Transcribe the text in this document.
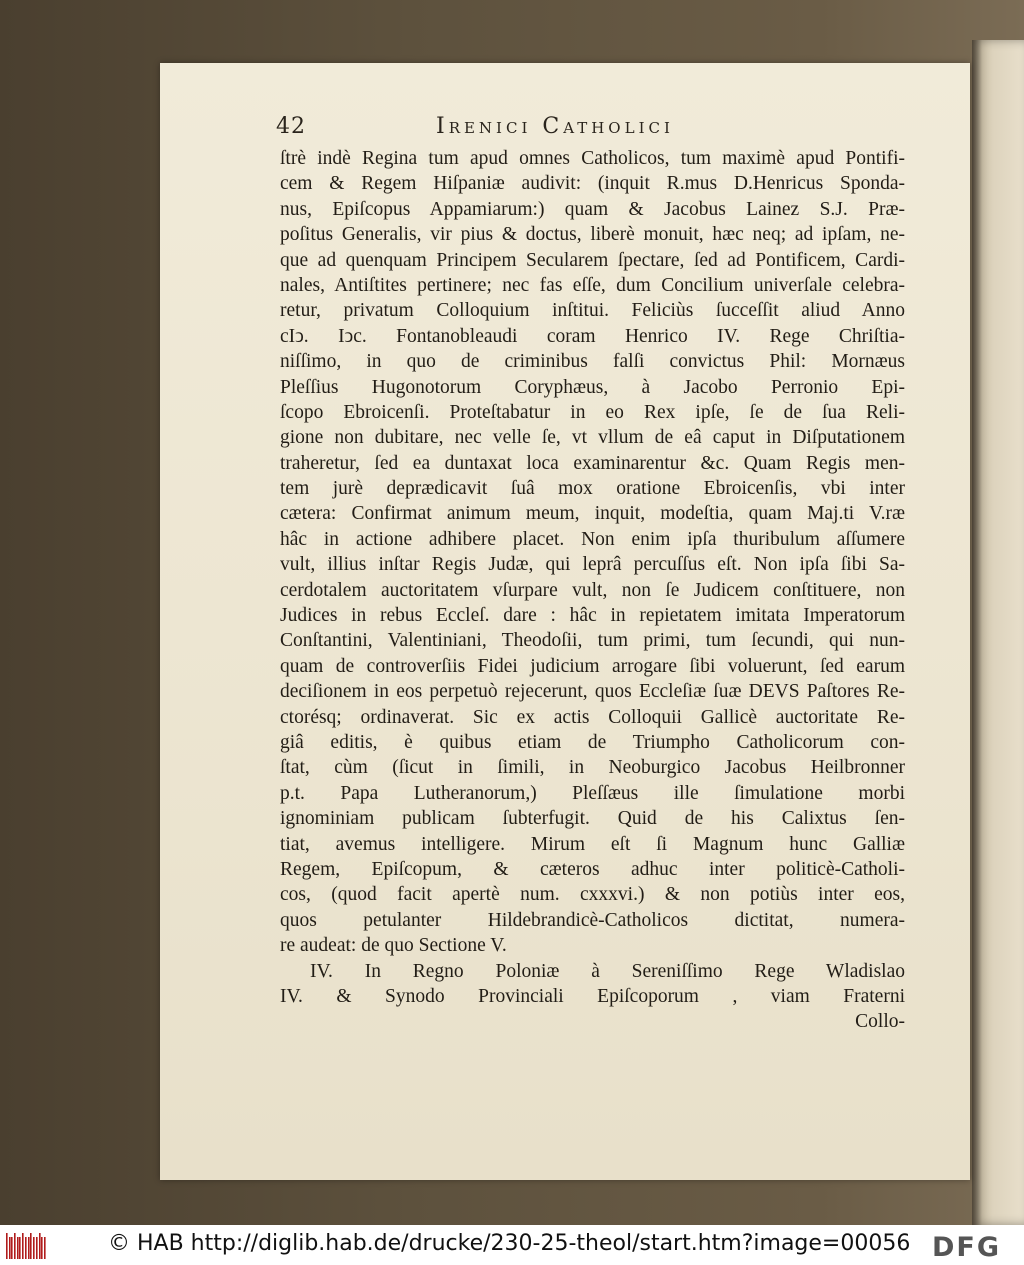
42	Irenici Catholici
ſtrè indè Regina tum apud omnes Catholicos, tum maximè apud Pontifi-
cem & Regem Hiſpaniæ audivit: (inquit R.mus D.Henricus Sponda-
nus, Epiſcopus Appamiarum:) quam & Jacobus Lainez S.J. Præ-
poſitus Generalis, vir pius & doctus, liberè monuit, hæc neq; ad ipſam, ne-
que ad quenquam Principem Secularem ſpectare, ſed ad Pontificem, Cardi-
nales, Antiſtites pertinere; nec fas eſſe, dum Concilium univerſale celebra-
retur, privatum Colloquium inſtitui. Feliciùs ſucceſſit aliud Anno
cIↄ. Iↄc. Fontanobleaudi coram Henrico IV. Rege Chriſtia-
niſſimo, in quo de criminibus falſi convictus Phil: Mornæus
Pleſſius Hugonotorum Coryphæus, à Jacobo Perronio Epi-
ſcopo Ebroicenſi. Proteſtabatur in eo Rex ipſe, ſe de ſua Reli-
gione non dubitare, nec velle ſe, vt vllum de eâ caput in Diſputationem
traheretur, ſed ea duntaxat loca examinarentur &c. Quam Regis men-
tem jurè deprædicavit ſuâ mox oratione Ebroicenſis, vbi inter
cætera: Confirmat animum meum, inquit, modeſtia, quam Maj.ti V.ræ
hâc in actione adhibere placet. Non enim ipſa thuribulum aſſumere
vult, illius inſtar Regis Judæ, qui leprâ percuſſus eſt. Non ipſa ſibi Sa-
cerdotalem auctoritatem vſurpare vult, non ſe Judicem conſtituere, non
Judices in rebus Eccleſ. dare : hâc in repietatem imitata Imperatorum
Conſtantini, Valentiniani, Theodoſii, tum primi, tum ſecundi, qui nun-
quam de controverſiis Fidei judicium arrogare ſibi voluerunt, ſed earum
deciſionem in eos perpetuò rejecerunt, quos Eccleſiæ ſuæ DEVS Paſtores Re-
ctorésq; ordinaverat. Sic ex actis Colloquii Gallicè auctoritate Re-
giâ editis, è quibus etiam de Triumpho Catholicorum con-
ſtat, cùm (ſicut in ſimili, in Neoburgico Jacobus Heilbronner
p.t. Papa Lutheranorum,) Pleſſæus ille ſimulatione morbi
ignominiam publicam ſubterfugit. Quid de his Calixtus ſen-
tiat, avemus intelligere. Mirum eſt ſi Magnum hunc Galliæ
Regem, Epiſcopum, & cæteros adhuc inter politicè-Catholi-
cos, (quod facit apertè num. cxxxvi.) & non potiùs inter eos,
quos petulanter Hildebrandicè-Catholicos dictitat, numera-
re audeat: de quo Sectione V.
IV. In Regno Poloniæ à Sereniſſimo Rege Wladislao
IV. & Synodo Provinciali Epiſcoporum , viam Fraterni
Collo-
© HAB http://diglib.hab.de/drucke/230-25-theol/start.htm?image=00056 DFG
